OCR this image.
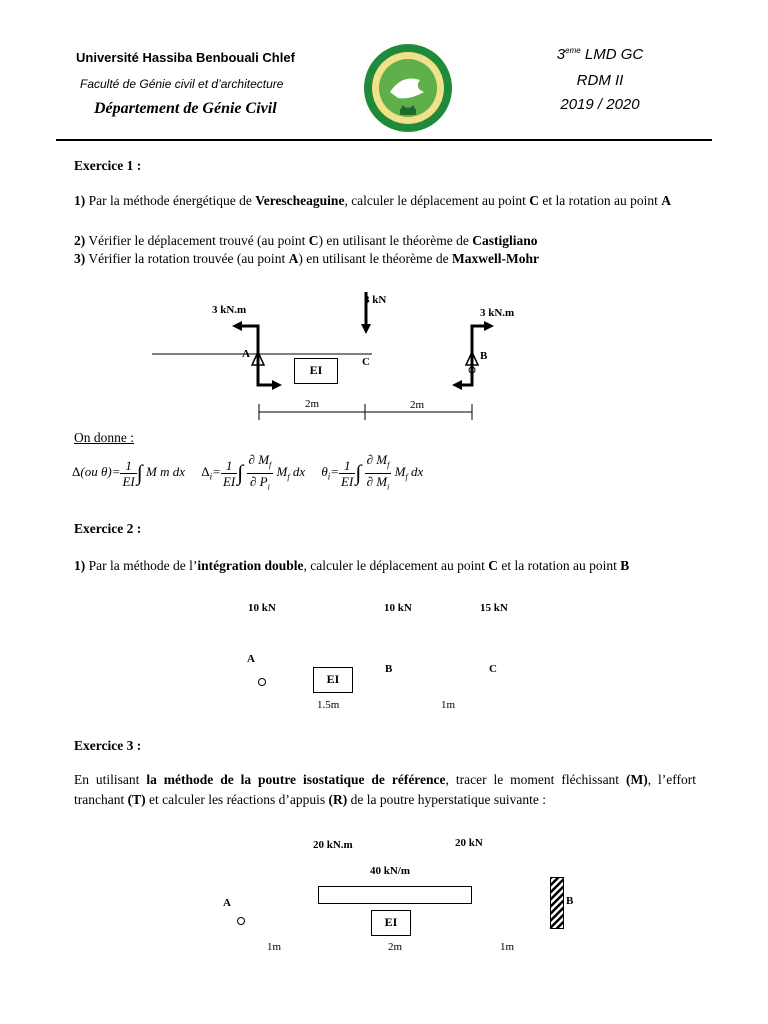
Université Hassiba Benbouali Chlef
Faculté de Génie civil et d’architecture
Département de Génie Civil
3eme LMD GC
RDM II
2019 / 2020
Exercice 1 :
1) Par la méthode énergétique de Verescheaguine, calculer le déplacement au point C et la rotation au point A
2) Vérifier le déplacement trouvé (au point C) en utilisant le théorème de Castigliano
3) Vérifier la rotation trouvée (au point A) en utilisant le théorème de Maxwell-Mohr
3 kN.m
3 kN
3 kN.m
A
C	B
EI
2m	2m
On donne :
Δ(ou $\theta)= \frac{1}{EI}$ ∫ M m dx     $\Delta_i= \frac{1}{EI}$ ∫ $\frac{\partial M_f}{\partial P_i} M_f$ dx     $\theta_i= \frac{1}{EI}$ ∫ $\frac{\partial M_f}{\partial M_i} M_f$ dx
Exercice 2 :
1) Par la méthode de l’intégration double, calculer le déplacement au point C et la rotation au point B
10 kN	10 kN	15 kN
A
B	C
EI
1.5m	1m
Exercice 3 :
En utilisant la méthode de la poutre isostatique de référence, tracer le moment fléchissant (M), l’effort tranchant (T) et calculer les réactions d’appuis (R) de la poutre hyperstatique suivante :
20 kN.m	20 kN
40 kN/m
A
EI
B
1m	2m	1m
